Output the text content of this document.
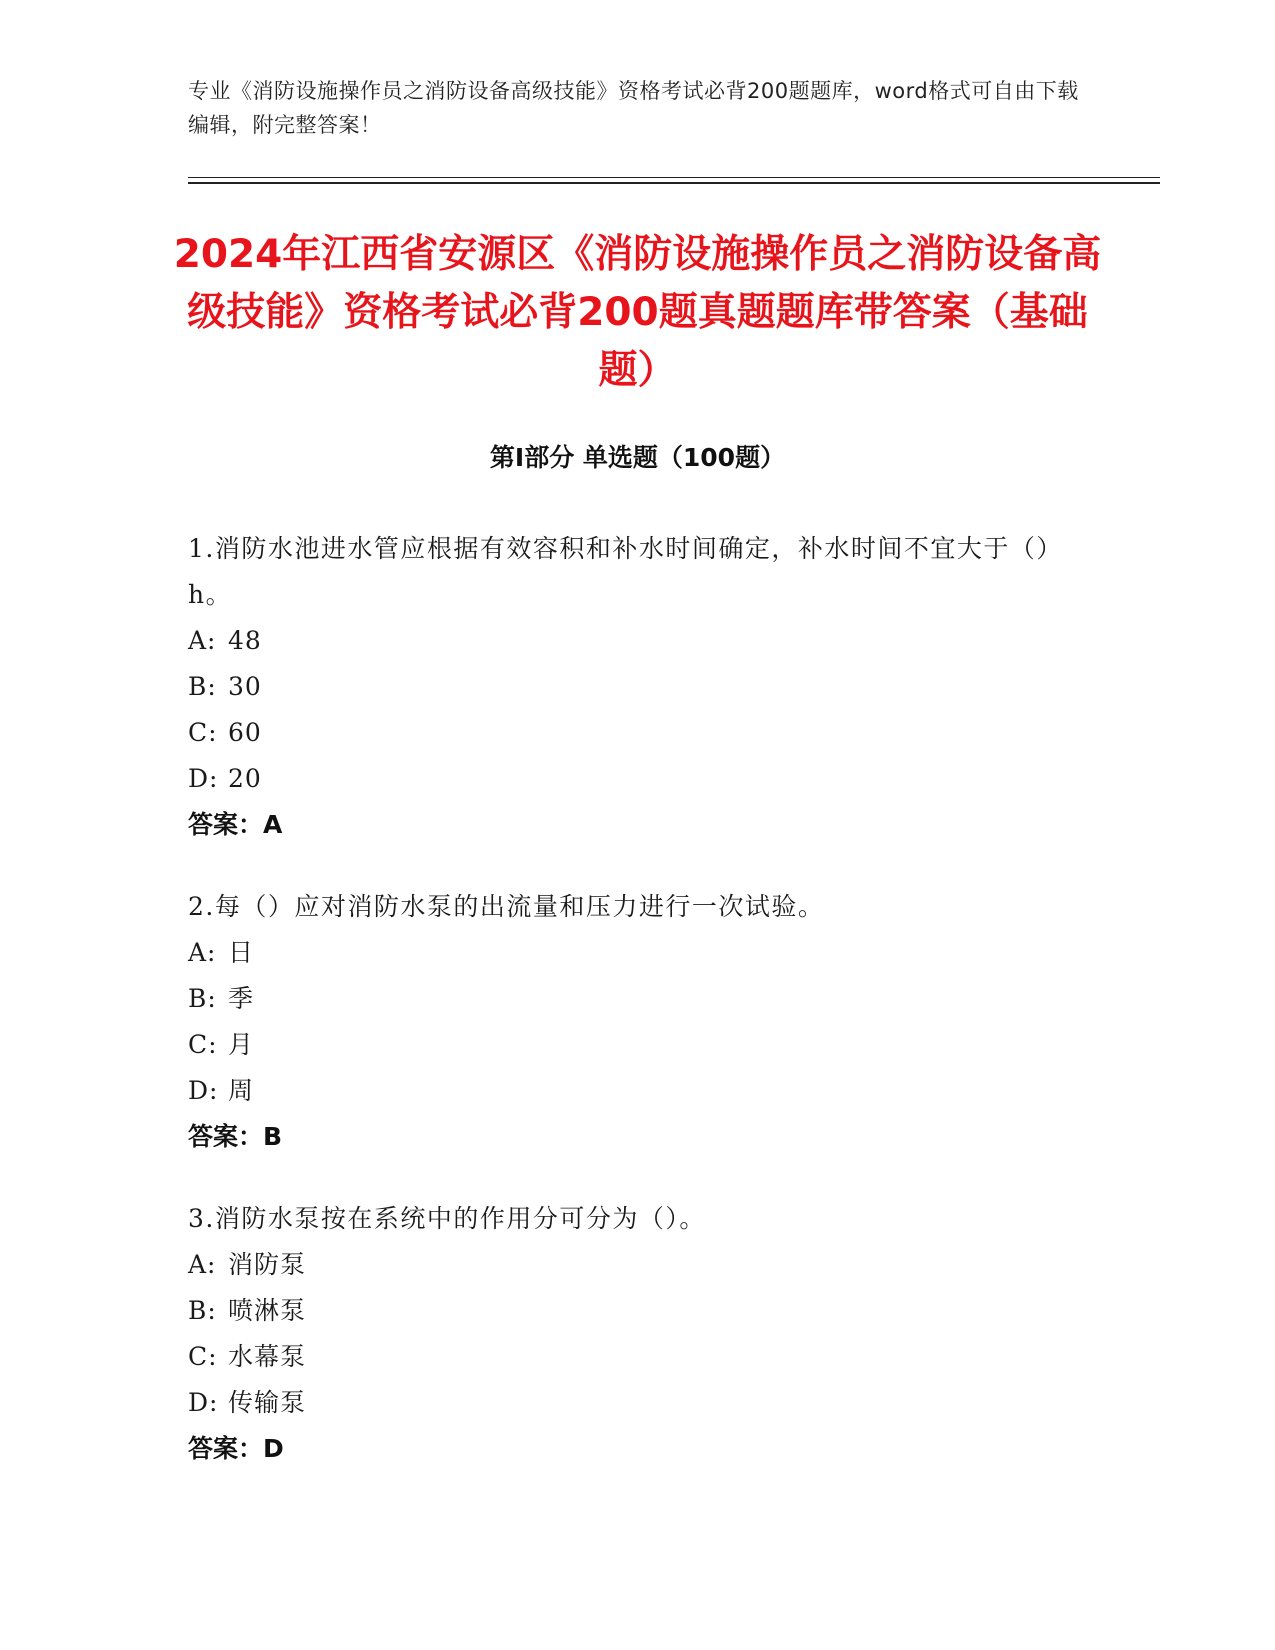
专业《消防设施操作员之消防设备高级技能》资格考试必背200题题库，word格式可自由下载编辑，附完整答案！
2024年江西省安源区《消防设施操作员之消防设备高级技能》资格考试必背200题真题题库带答案（基础题）
第I部分 单选题（100题）
1.消防水池进水管应根据有效容积和补水时间确定，补水时间不宜大于（）h。
A: 48
B: 30
C: 60
D: 20
答案：A
2.每（）应对消防水泵的出流量和压力进行一次试验。
A: 日
B: 季
C: 月
D: 周
答案：B
3.消防水泵按在系统中的作用分可分为（）。
A: 消防泵
B: 喷淋泵
C: 水幕泵
D: 传输泵
答案：D
